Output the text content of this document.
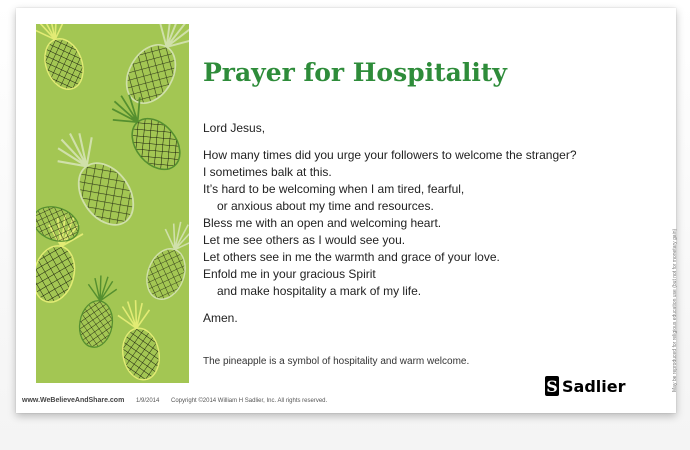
Prayer for Hospitality

Lord Jesus,

How many times did you urge your followers to welcome the stranger?

I sometimes balk at this.

It’s hard to be welcoming when I am tired, fearful,

or anxious about my time and resources.

Bless me with an open and welcoming heart.

Let me see others as I would see you.

Let others see in me the warmth and grace of your love.

Enfold me in your gracious Spirit

and make hospitality a mark of my life.

Amen.

The pineapple is a symbol of hospitality and warm welcome.
www.WeBelieveAndShare.com 1/9/2014 Copyright ©2014 William H Sadlier, Inc. All rights reserved.
May be reproduced for religious education use (but not for monetary gain)
S Sadlier
